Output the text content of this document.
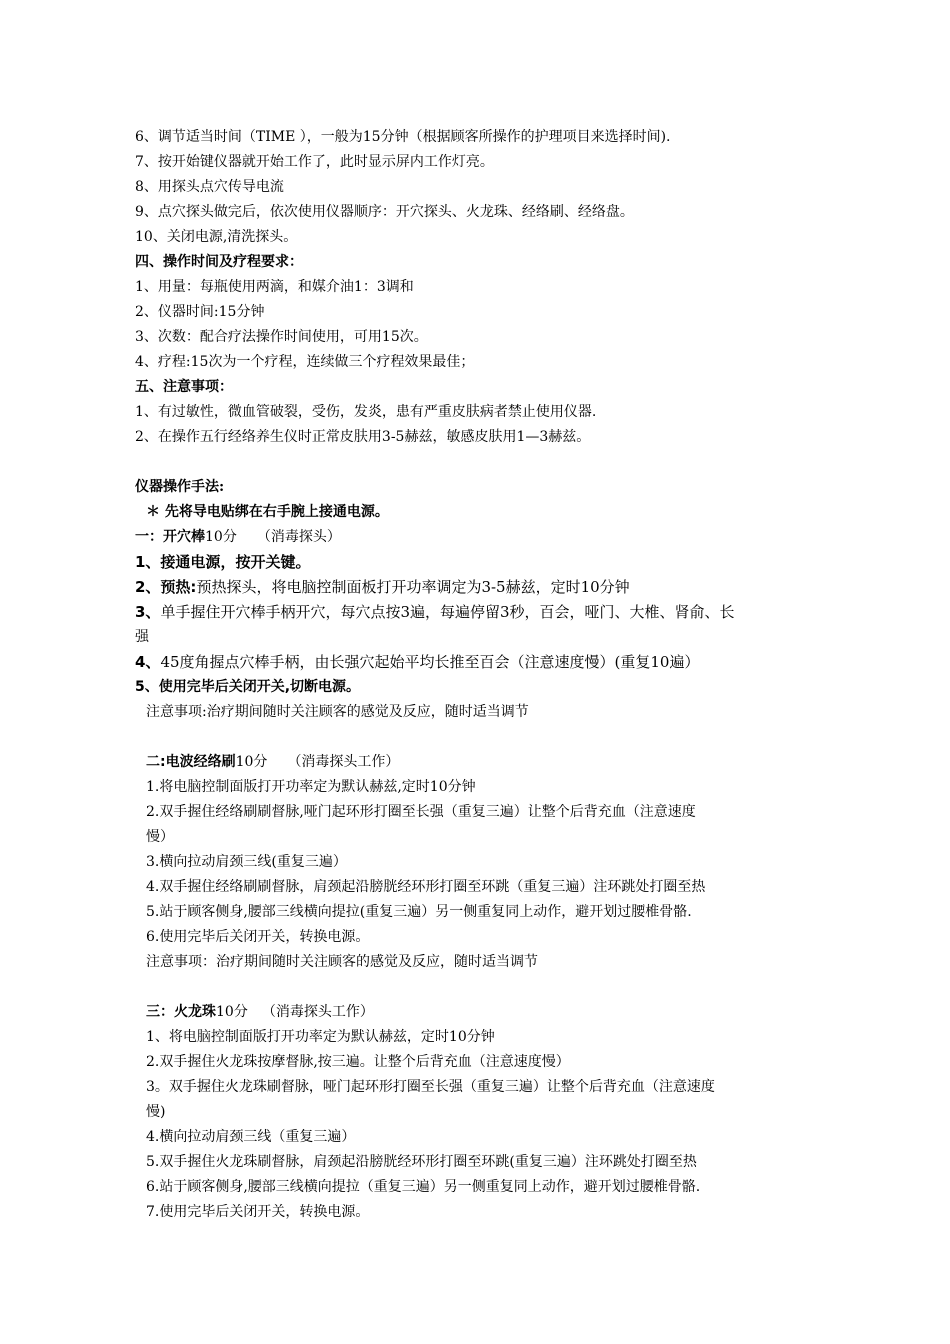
6、调节适当时间（TIME ），一般为15分钟（根据顾客所操作的护理项目来选择时间).
7、按开始键仪器就开始工作了，此时显示屏内工作灯亮。
8、用探头点穴传导电流
9、点穴探头做完后，依次使用仪器顺序：开穴探头、火龙珠、经络刷、经络盘。
10、关闭电源,清洗探头。
四、操作时间及疗程要求：
1、用量：每瓶使用两滴，和媒介油1：3调和
2、仪器时间:15分钟
3、次数：配合疗法操作时间使用，可用15次。
4、疗程:15次为一个疗程，连续做三个疗程效果最佳；
五、注意事项：
1、有过敏性，微血管破裂，受伤，发炎，患有严重皮肤病者禁止使用仪器.
2、在操作五行经络养生仪时正常皮肤用3-5赫兹，敏感皮肤用1—3赫兹。
仪器操作手法:
＊ 先将导电贴绑在右手腕上接通电源。
一：开穴棒10分 （消毒探头）
1、接通电源，按开关键。
2、预热:预热探头，将电脑控制面板打开功率调定为3-5赫兹，定时10分钟
3、单手握住开穴棒手柄开穴，每穴点按3遍，每遍停留3秒，百会，哑门、大椎、肾俞、长
强
4、45度角握点穴棒手柄，由长强穴起始平均长推至百会（注意速度慢）(重复10遍）
5、使用完毕后关闭开关,切断电源。
注意事项:治疗期间随时关注顾客的感觉及反应，随时适当调节
二:电波经络刷10分 （消毒探头工作）
1.将电脑控制面版打开功率定为默认赫兹,定时10分钟
2.双手握住经络刷刷督脉,哑门起环形打圈至长强（重复三遍）让整个后背充血（注意速度
慢）
3.横向拉动肩颈三线(重复三遍）
4.双手握住经络刷刷督脉，肩颈起沿膀胱经环形打圈至环跳（重复三遍）注环跳处打圈至热
5.站于顾客侧身,腰部三线横向提拉(重复三遍）另一侧重复同上动作，避开划过腰椎骨骼.
6.使用完毕后关闭开关，转换电源。
注意事项：治疗期间随时关注顾客的感觉及反应，随时适当调节
三：火龙珠10分 （消毒探头工作）
1、将电脑控制面版打开功率定为默认赫兹，定时10分钟
2.双手握住火龙珠按摩督脉,按三遍。让整个后背充血（注意速度慢）
3。双手握住火龙珠刷督脉，哑门起环形打圈至长强（重复三遍）让整个后背充血（注意速度
慢)
4.横向拉动肩颈三线（重复三遍）
5.双手握住火龙珠刷督脉，肩颈起沿膀胱经环形打圈至环跳(重复三遍）注环跳处打圈至热
6.站于顾客侧身,腰部三线横向提拉（重复三遍）另一侧重复同上动作，避开划过腰椎骨骼.
7.使用完毕后关闭开关，转换电源。
